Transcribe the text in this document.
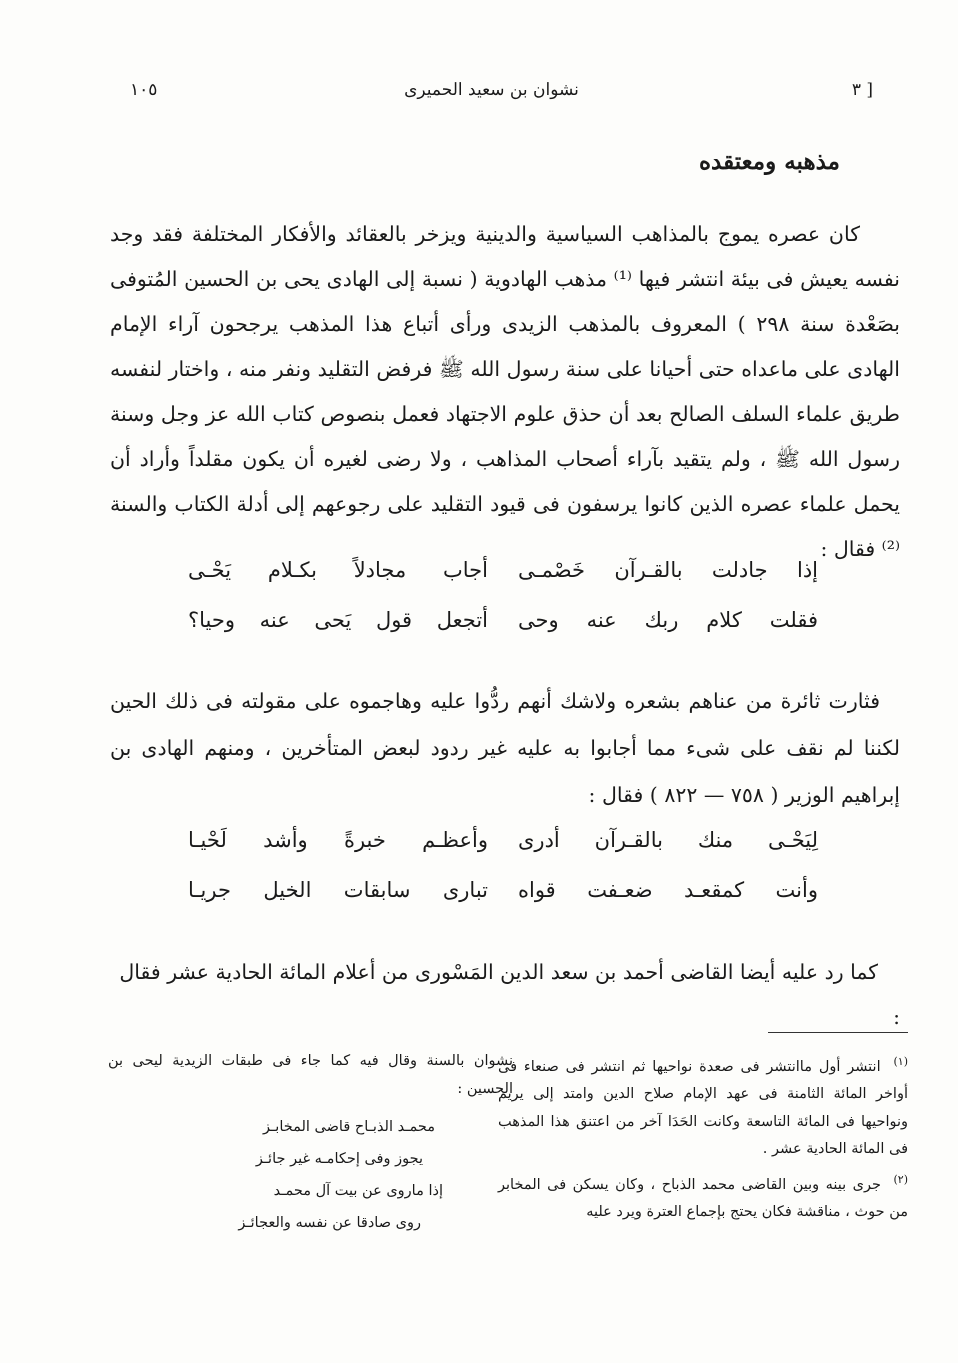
[ ٣
نشوان بن سعيد الحميرى
١٠٥
مذهبه ومعتقده

كان عصره يموج بالمذاهب السياسية والدينية ويزخر بالعقائد والأفكار المختلفة فقد وجد نفسه يعيش فى بيئة انتشر فيها ⁽¹⁾ مذهب الهادوية ( نسبة إلى الهادى يحى بن الحسين المُتوفى بصَعْدة سنة ٢٩٨ ) المعروف بالمذهب الزيدى ورأى أتباع هذا المذهب يرجحون آراء الإمام الهادى على ماعداه حتى أحيانا على سنة رسول الله ﷺ فرفض التقليد ونفر منه ، واختار لنفسه طريق علماء السلف الصالح بعد أن حذق علوم الاجتهاد فعمل بنصوص كتاب الله عز وجل وسنة رسول الله ﷺ ، ولم يتقيد بآراء أصحاب المذاهب ، ولا رضى لغيره أن يكون مقلداً وأراد أن يحمل علماء عصره الذين كانوا يرسفون فى قيود التقليد على رجوعهم إلى أدلة الكتاب والسنة ⁽²⁾ فقال :

إذا جادلت بالقـرآن خَصْمـى
أجاب مجادلاً بكـلام يَحْـى
فقلت كلام ربك عنه وحى
أتجعل قول يَحى عنه وحيا؟

فثارت ثائرة من عناهم بشعره ولاشك أنهم ردُّوا عليه وهاجموه على مقولته فى ذلك الحين لكننا لم نقف على شىء مما أجابوا به عليه غير ردود لبعض المتأخرين ، ومنهم الهادى بن إبراهيم الوزير ( ٧٥٨ — ٨٢٢ ) فقال :

لِيَحْـى منك بالقـرآن أدرى
وأعظـم خبرةً وأشد لَحْيـا
وأنت كمقعـد ضعـفت قواه
تبارى سابقات الخيل جريـا

كما رد عليه أيضا القاضى أحمد بن سعد الدين المَسْورى من أعلام المائة الحادية عشر فقال :

$^{(١)}$ انتشر أول ماانتشر فى صعدة نواحيها ثم انتشر فى صنعاء فى أواخر المائة الثامنة فى عهد الإمام صلاح الدين وامتد إلى يريم ونواحيها فى المائة التاسعة وكانت الحَدَا آخر من اعتنق هذا المذهب فى المائة الحادية عشر .

$^{(٢)}$ جرى بينه وبين القاضى محمد الذباح ، وكان يسكن فى المخابر من حوث ، مناقشة فكان يحتج بإجماع العترة ويرد عليه

نشوان بالسنة وقال فيه كما جاء فى طبقات الزيدية ليحى بن الحسين :

محمـد الذبـاح قاضى المخابـز
يجوز وفى إحكامـه غير جائـز
إذا ماروى عن بيت آل محمـد
روى صادقا عن نفسه والعجائـز
